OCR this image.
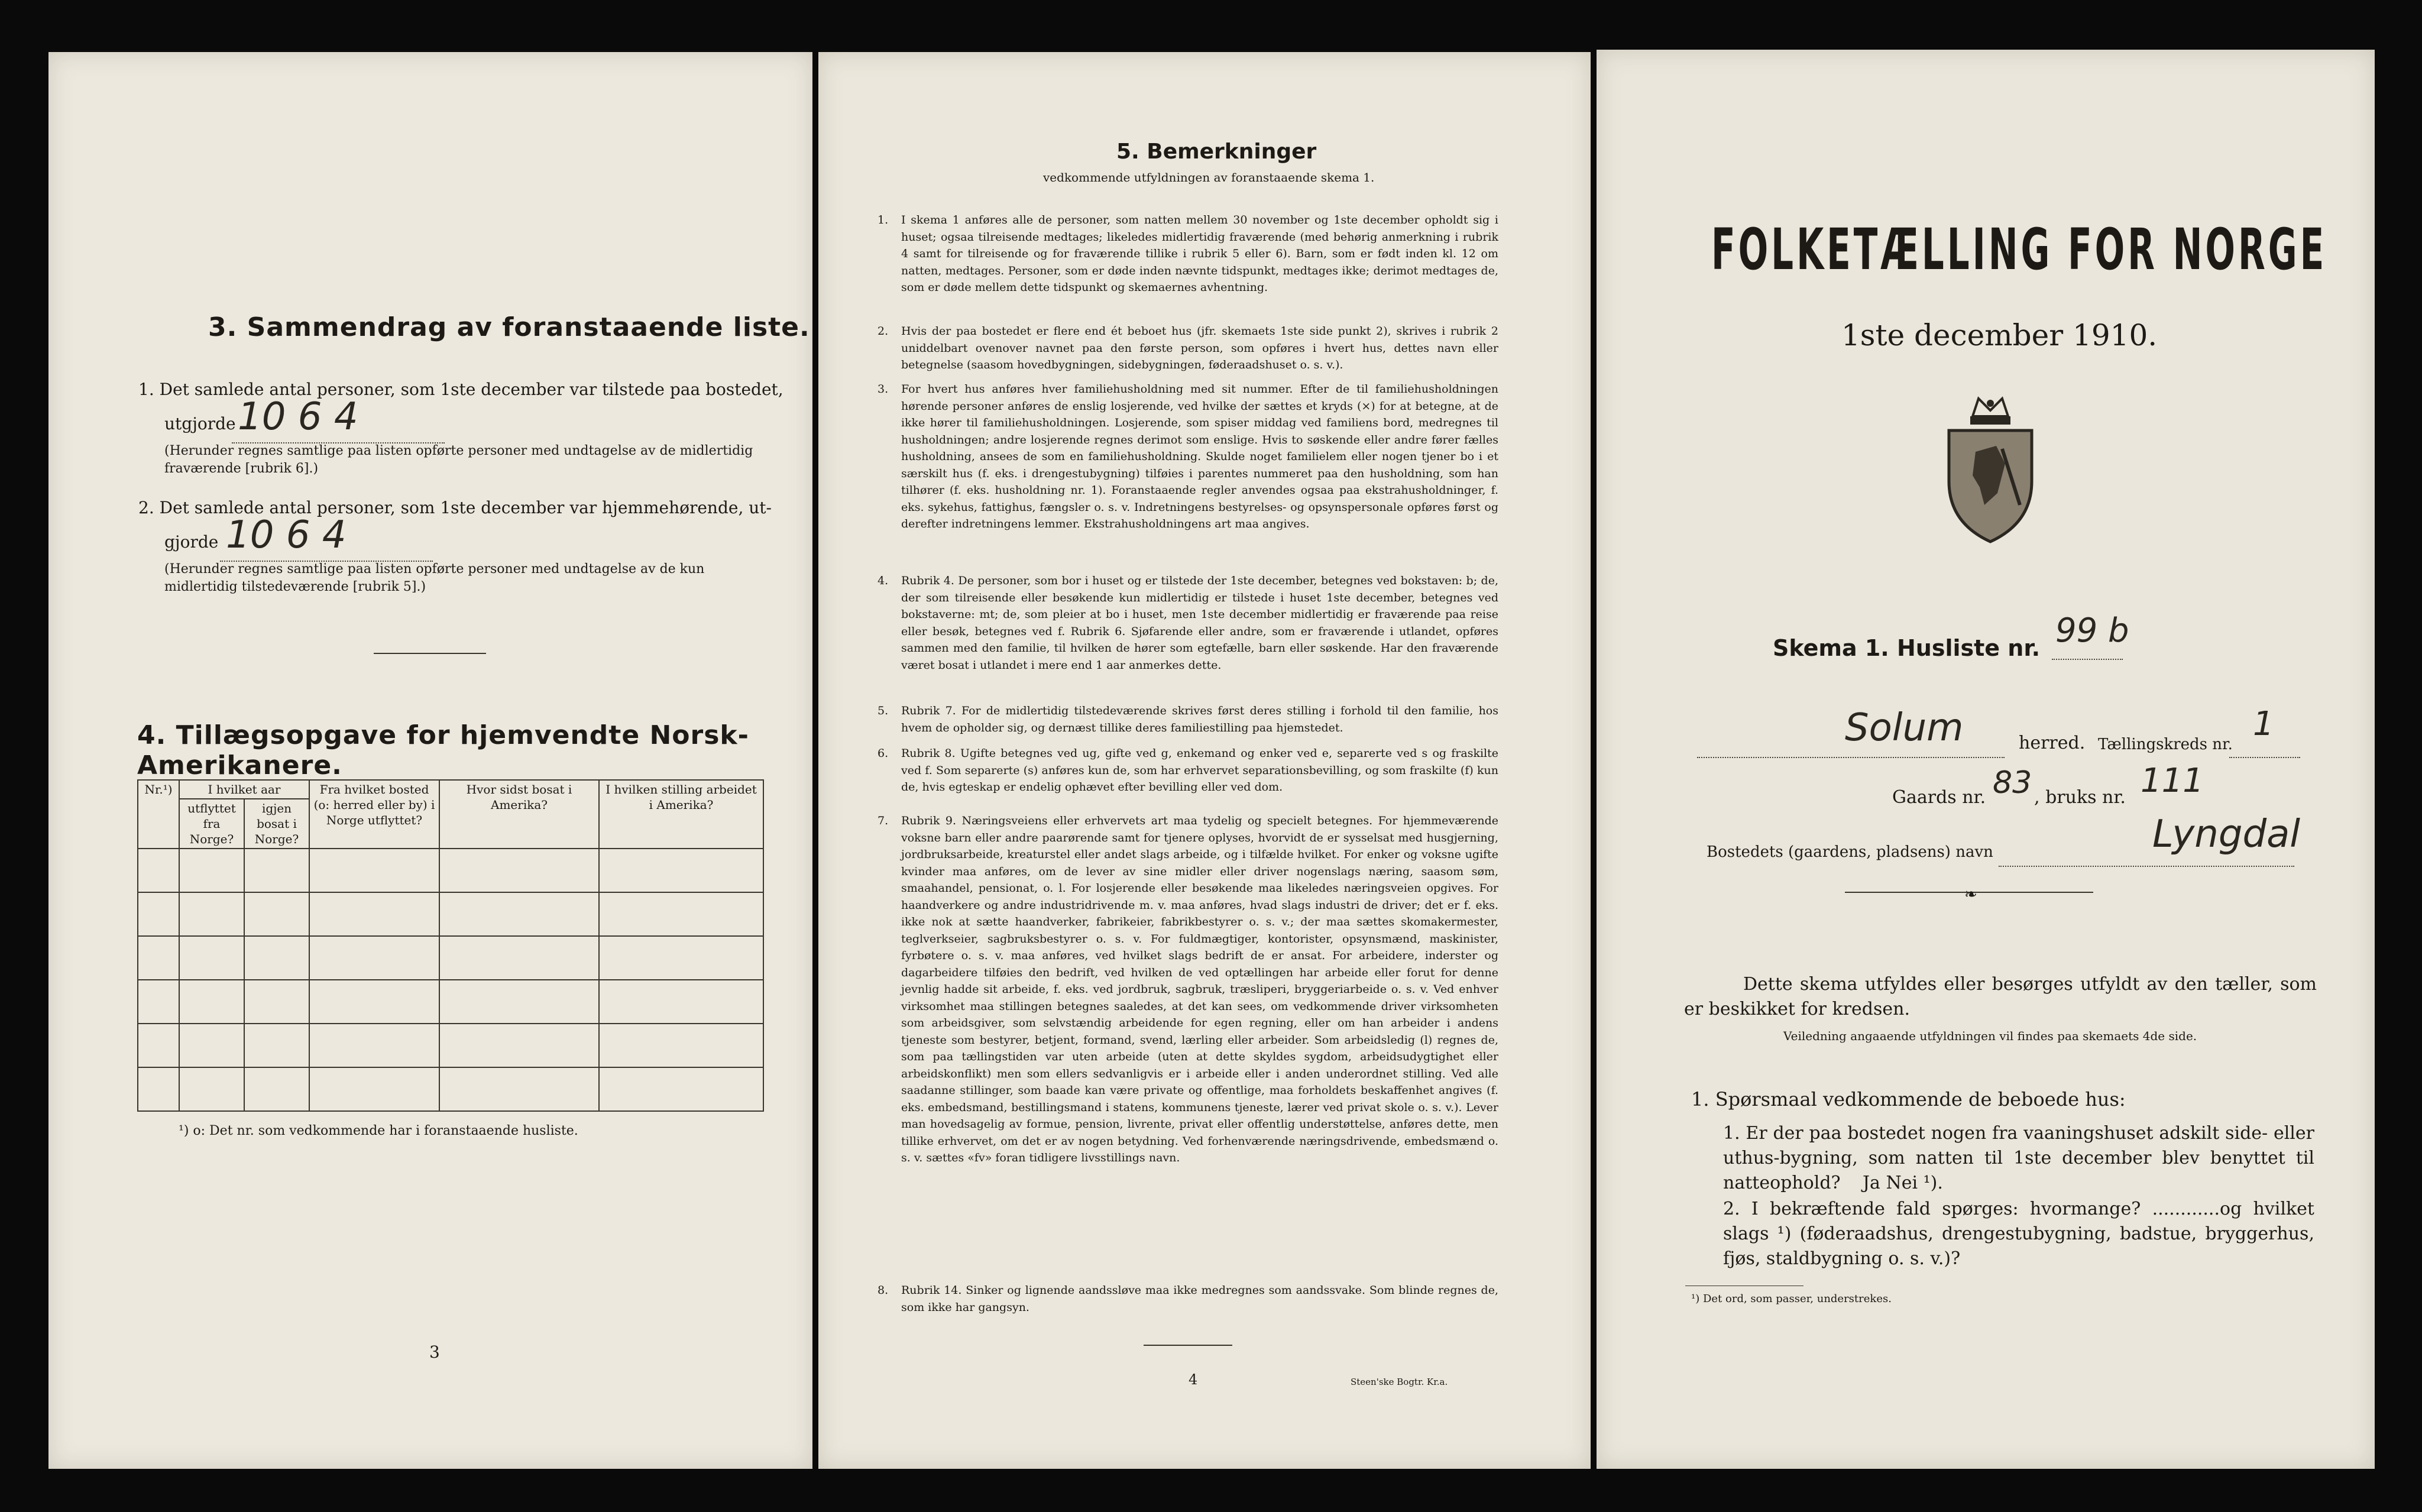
3. Sammendrag av foranstaaende liste.
1. Det samlede antal personer, som 1ste december var tilstede paa bostedet,
utgjorde 10 6 4
(Herunder regnes samtlige paa listen opførte personer med undtagelse av de midlertidig fraværende [rubrik 6].)
2. Det samlede antal personer, som 1ste december var hjemmehørende, ut-
gjorde 10 6 4
(Herunder regnes samtlige paa listen opførte personer med undtagelse av de kun midlertidig tilstedeværende [rubrik 5].)
4. Tillægsopgave for hjemvendte Norsk-Amerikanere.
Nr.¹)	I hvilket aar		Fra hvilket bosted (o: herred eller by) i Norge utflyttet?	Hvor sidst bosat i Amerika?	I hvilken stilling arbeidet i Amerika?
	utflyttet fra Norge?	igjen bosat i Norge?			

¹) o: Det nr. som vedkommende har i foranstaaende husliste.
3
5. Bemerkninger
vedkommende utfyldningen av foranstaaende skema 1.
1. I skema 1 anføres alle de personer, som natten mellem 30 november og 1ste december opholdt sig i huset; ogsaa tilreisende medtages; likeledes midlertidig fraværende (med behørig anmerkning i rubrik 4 samt for tilreisende og for fraværende tillike i rubrik 5 eller 6). Barn, som er født inden kl. 12 om natten, medtages. Personer, som er døde inden nævnte tidspunkt, medtages ikke; derimot medtages de, som er døde mellem dette tidspunkt og skemaernes avhentning.
2. Hvis der paa bostedet er flere end ét beboet hus (jfr. skemaets 1ste side punkt 2), skrives i rubrik 2 uniddelbart ovenover navnet paa den første person, som opføres i hvert hus, dettes navn eller betegnelse (saasom hovedbygningen, sidebygningen, føderaadshuset o. s. v.).
3. For hvert hus anføres hver familiehusholdning med sit nummer. Efter de til familiehusholdningen hørende personer anføres de enslig losjerende, ved hvilke der sættes et kryds (×) for at betegne, at de ikke hører til familiehusholdningen. Losjerende, som spiser middag ved familiens bord, medregnes til husholdningen; andre losjerende regnes derimot som enslige. Hvis to søskende eller andre fører fælles husholdning, ansees de som en familiehusholdning. Skulde noget familielem eller nogen tjener bo i et særskilt hus (f. eks. i drengestubygning) tilføies i parentes nummeret paa den husholdning, som han tilhører (f. eks. husholdning nr. 1). Foranstaaende regler anvendes ogsaa paa ekstrahusholdninger, f. eks. sykehus, fattighus, fængsler o. s. v. Indretningens bestyrelses- og opsynspersonale opføres først og derefter indretningens lemmer. Ekstrahusholdningens art maa angives.
4. Rubrik 4. De personer, som bor i huset og er tilstede der 1ste december, betegnes ved bokstaven: b; de, der som tilreisende eller besøkende kun midlertidig er tilstede i huset 1ste december, betegnes ved bokstaverne: mt; de, som pleier at bo i huset, men 1ste december midlertidig er fraværende paa reise eller besøk, betegnes ved f. Rubrik 6. Sjøfarende eller andre, som er fraværende i utlandet, opføres sammen med den familie, til hvilken de hører som egtefælle, barn eller søskende. Har den fraværende været bosat i utlandet i mere end 1 aar anmerkes dette.
5. Rubrik 7. For de midlertidig tilstedeværende skrives først deres stilling i forhold til den familie, hos hvem de opholder sig, og dernæst tillike deres familiestilling paa hjemstedet.
6. Rubrik 8. Ugifte betegnes ved ug, gifte ved g, enkemand og enker ved e, separerte ved s og fraskilte ved f. Som separerte (s) anføres kun de, som har erhvervet separationsbevilling, og som fraskilte (f) kun de, hvis egteskap er endelig ophævet efter bevilling eller ved dom.
7. Rubrik 9. Næringsveiens eller erhvervets art maa tydelig og specielt betegnes. For hjemmeværende voksne barn eller andre paarørende samt for tjenere oplyses, hvorvidt de er sysselsat med husgjerning, jordbruksarbeide, kreaturstel eller andet slags arbeide, og i tilfælde hvilket. For enker og voksne ugifte kvinder maa anføres, om de lever av sine midler eller driver nogenslags næring, saasom søm, smaahandel, pensionat, o. l. For losjerende eller besøkende maa likeledes næringsveien opgives. For haandverkere og andre industridrivende m. v. maa anføres, hvad slags industri de driver; det er f. eks. ikke nok at sætte haandverker, fabrikeier, fabrikbestyrer o. s. v.; der maa sættes skomakermester, teglverkseier, sagbruksbestyrer o. s. v. For fuldmægtiger, kontorister, opsynsmænd, maskinister, fyrbøtere o. s. v. maa anføres, ved hvilket slags bedrift de er ansat. For arbeidere, inderster og dagarbeidere tilføies den bedrift, ved hvilken de ved optællingen har arbeide eller forut for denne jevnlig hadde sit arbeide, f. eks. ved jordbruk, sagbruk, træsliperi, bryggeriarbeide o. s. v. Ved enhver virksomhet maa stillingen betegnes saaledes, at det kan sees, om vedkommende driver virksomheten som arbeidsgiver, som selvstændig arbeidende for egen regning, eller om han arbeider i andens tjeneste som bestyrer, betjent, formand, svend, lærling eller arbeider. Som arbeidsledig (l) regnes de, som paa tællingstiden var uten arbeide (uten at dette skyldes sygdom, arbeidsudygtighet eller arbeidskonflikt) men som ellers sedvanligvis er i arbeide eller i anden underordnet stilling. Ved alle saadanne stillinger, som baade kan være private og offentlige, maa forholdets beskaffenhet angives (f. eks. embedsmand, bestillingsmand i statens, kommunens tjeneste, lærer ved privat skole o. s. v.). Lever man hovedsagelig av formue, pension, livrente, privat eller offentlig understøttelse, anføres dette, men tillike erhvervet, om det er av nogen betydning. Ved forhenværende næringsdrivende, embedsmænd o. s. v. sættes «fv» foran tidligere livsstillings navn.
8. Rubrik 14. Sinker og lignende aandssløve maa ikke medregnes som aandssvake. Som blinde regnes de, som ikke har gangsyn.
4	Steen'ske Bogtr. Kr.a.
FOLKETÆLLING FOR NORGE
1ste december 1910.
Skema 1. Husliste nr. 99 b
Solum	herred. Tællingskreds nr.
1
Gaards nr. 83 , bruks nr. 111
Bostedets (gaardens, pladsens) navn	Lyngdal
❧
Dette skema utfyldes eller besørges utfyldt av den tæller, som er beskikket for kredsen.
Veiledning angaaende utfyldningen vil findes paa skemaets 4de side.
1. Spørsmaal vedkommende de beboede hus:
1. Er der paa bostedet nogen fra vaaningshuset adskilt side- eller uthus-bygning, som natten til 1ste december blev benyttet til natteophold?	Ja Nei ¹).
2. I bekræftende fald spørges: hvormange? ............og hvilket slags ¹) (føderaadshus, drengestubygning, badstue, bryggerhus, fjøs, staldbygning o. s. v.)?
¹) Det ord, som passer, understrekes.
